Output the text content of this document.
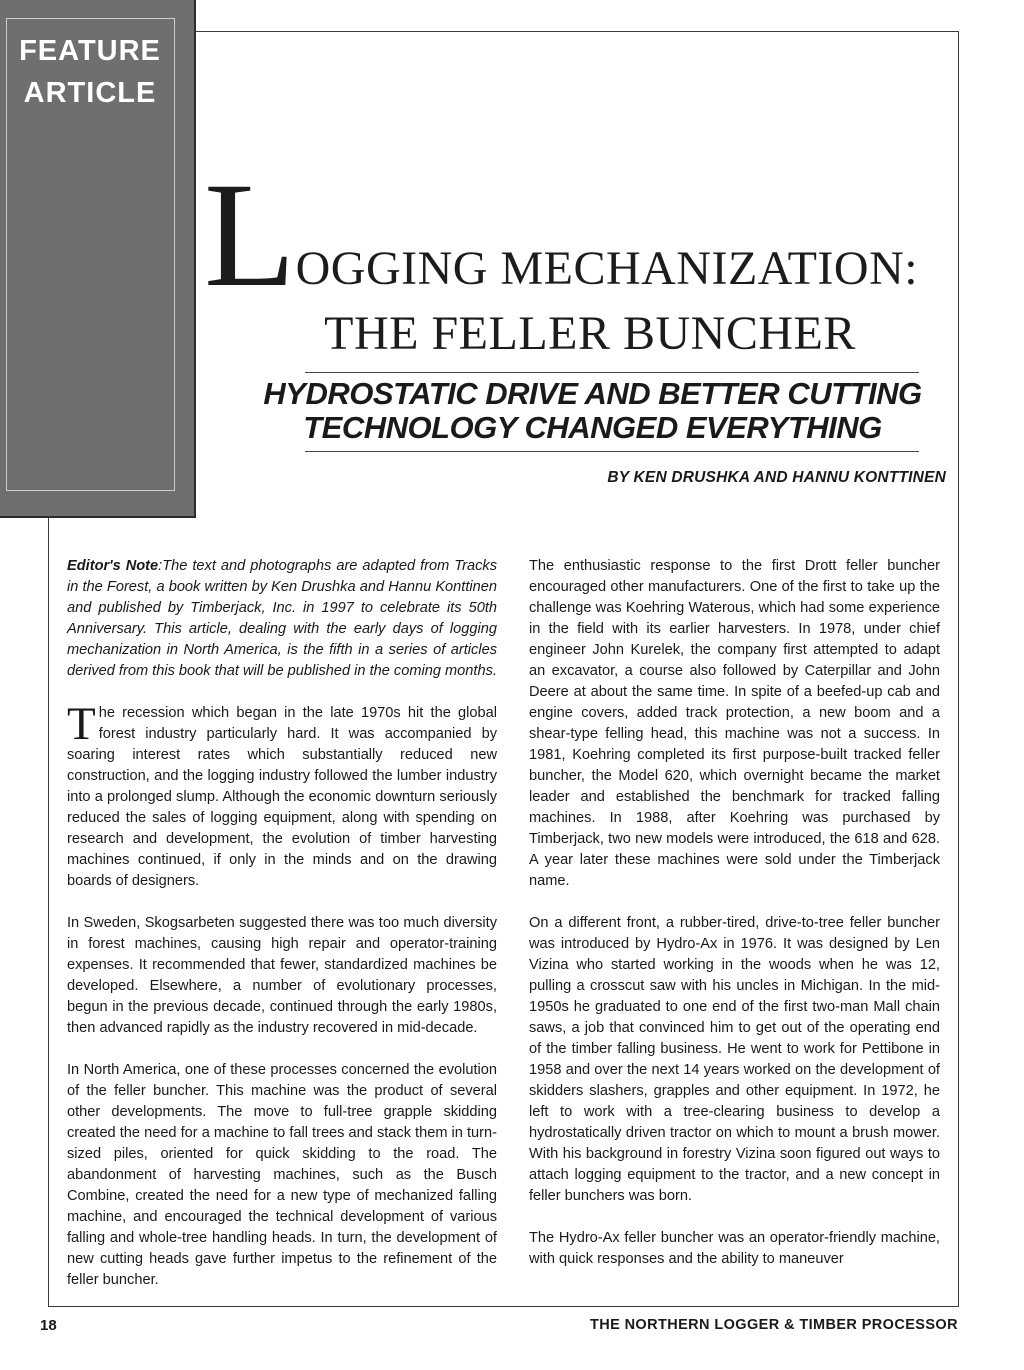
FEATURE
ARTICLE
LOGGING MECHANIZATION:
THE FELLER BUNCHER
HYDROSTATIC DRIVE AND BETTER CUTTING
TECHNOLOGY CHANGED EVERYTHING
BY KEN DRUSHKA AND HANNU KONTTINEN

Editor's Note:The text and photographs are adapted from Tracks in the Forest, a book written by Ken Drushka and Hannu Konttinen and published by Timberjack, Inc. in 1997 to celebrate its 50th Anniversary. This article, dealing with the early days of logging mechanization in North America, is the fifth in a series of articles derived from this book that will be published in the coming months.

The recession which began in the late 1970s hit the global forest industry particularly hard. It was accompanied by soaring interest rates which substantially reduced new construction, and the logging industry followed the lumber industry into a prolonged slump. Although the economic downturn seriously reduced the sales of logging equipment, along with spending on research and development, the evolution of timber harvesting machines continued, if only in the minds and on the drawing boards of designers.

In Sweden, Skogsarbeten suggested there was too much diversity in forest machines, causing high repair and operator-training expenses. It recommended that fewer, standardized machines be developed. Elsewhere, a number of evolutionary processes, begun in the previous decade, continued through the early 1980s, then advanced rapidly as the industry recovered in mid-decade.

In North America, one of these processes concerned the evolution of the feller buncher. This machine was the product of several other developments. The move to full-tree grapple skidding created the need for a machine to fall trees and stack them in turn-sized piles, oriented for quick skidding to the road. The abandonment of harvesting machines, such as the Busch Combine, created the need for a new type of mechanized falling machine, and encouraged the technical development of various falling and whole-tree handling heads. In turn, the development of new cutting heads gave further impetus to the refinement of the feller buncher.

The enthusiastic response to the first Drott feller buncher encouraged other manufacturers. One of the first to take up the challenge was Koehring Waterous, which had some experience in the field with its earlier harvesters. In 1978, under chief engineer John Kurelek, the company first attempted to adapt an excavator, a course also followed by Caterpillar and John Deere at about the same time. In spite of a beefed-up cab and engine covers, added track protection, a new boom and a shear-type felling head, this machine was not a success. In 1981, Koehring completed its first purpose-built tracked feller buncher, the Model 620, which overnight became the market leader and established the benchmark for tracked falling machines. In 1988, after Koehring was purchased by Timberjack, two new models were introduced, the 618 and 628. A year later these machines were sold under the Timberjack name.

On a different front, a rubber-tired, drive-to-tree feller buncher was introduced by Hydro-Ax in 1976. It was designed by Len Vizina who started working in the woods when he was 12, pulling a crosscut saw with his uncles in Michigan. In the mid-1950s he graduated to one end of the first two-man Mall chain saws, a job that convinced him to get out of the operating end of the timber falling business. He went to work for Pettibone in 1958 and over the next 14 years worked on the development of skidders slashers, grapples and other equipment. In 1972, he left to work with a tree-clearing business to develop a hydrostatically driven tractor on which to mount a brush mower. With his background in forestry Vizina soon figured out ways to attach logging equipment to the tractor, and a new concept in feller bunchers was born.

The Hydro-Ax feller buncher was an operator-friendly machine, with quick responses and the ability to maneuver

18	THE NORTHERN LOGGER & TIMBER PROCESSOR
